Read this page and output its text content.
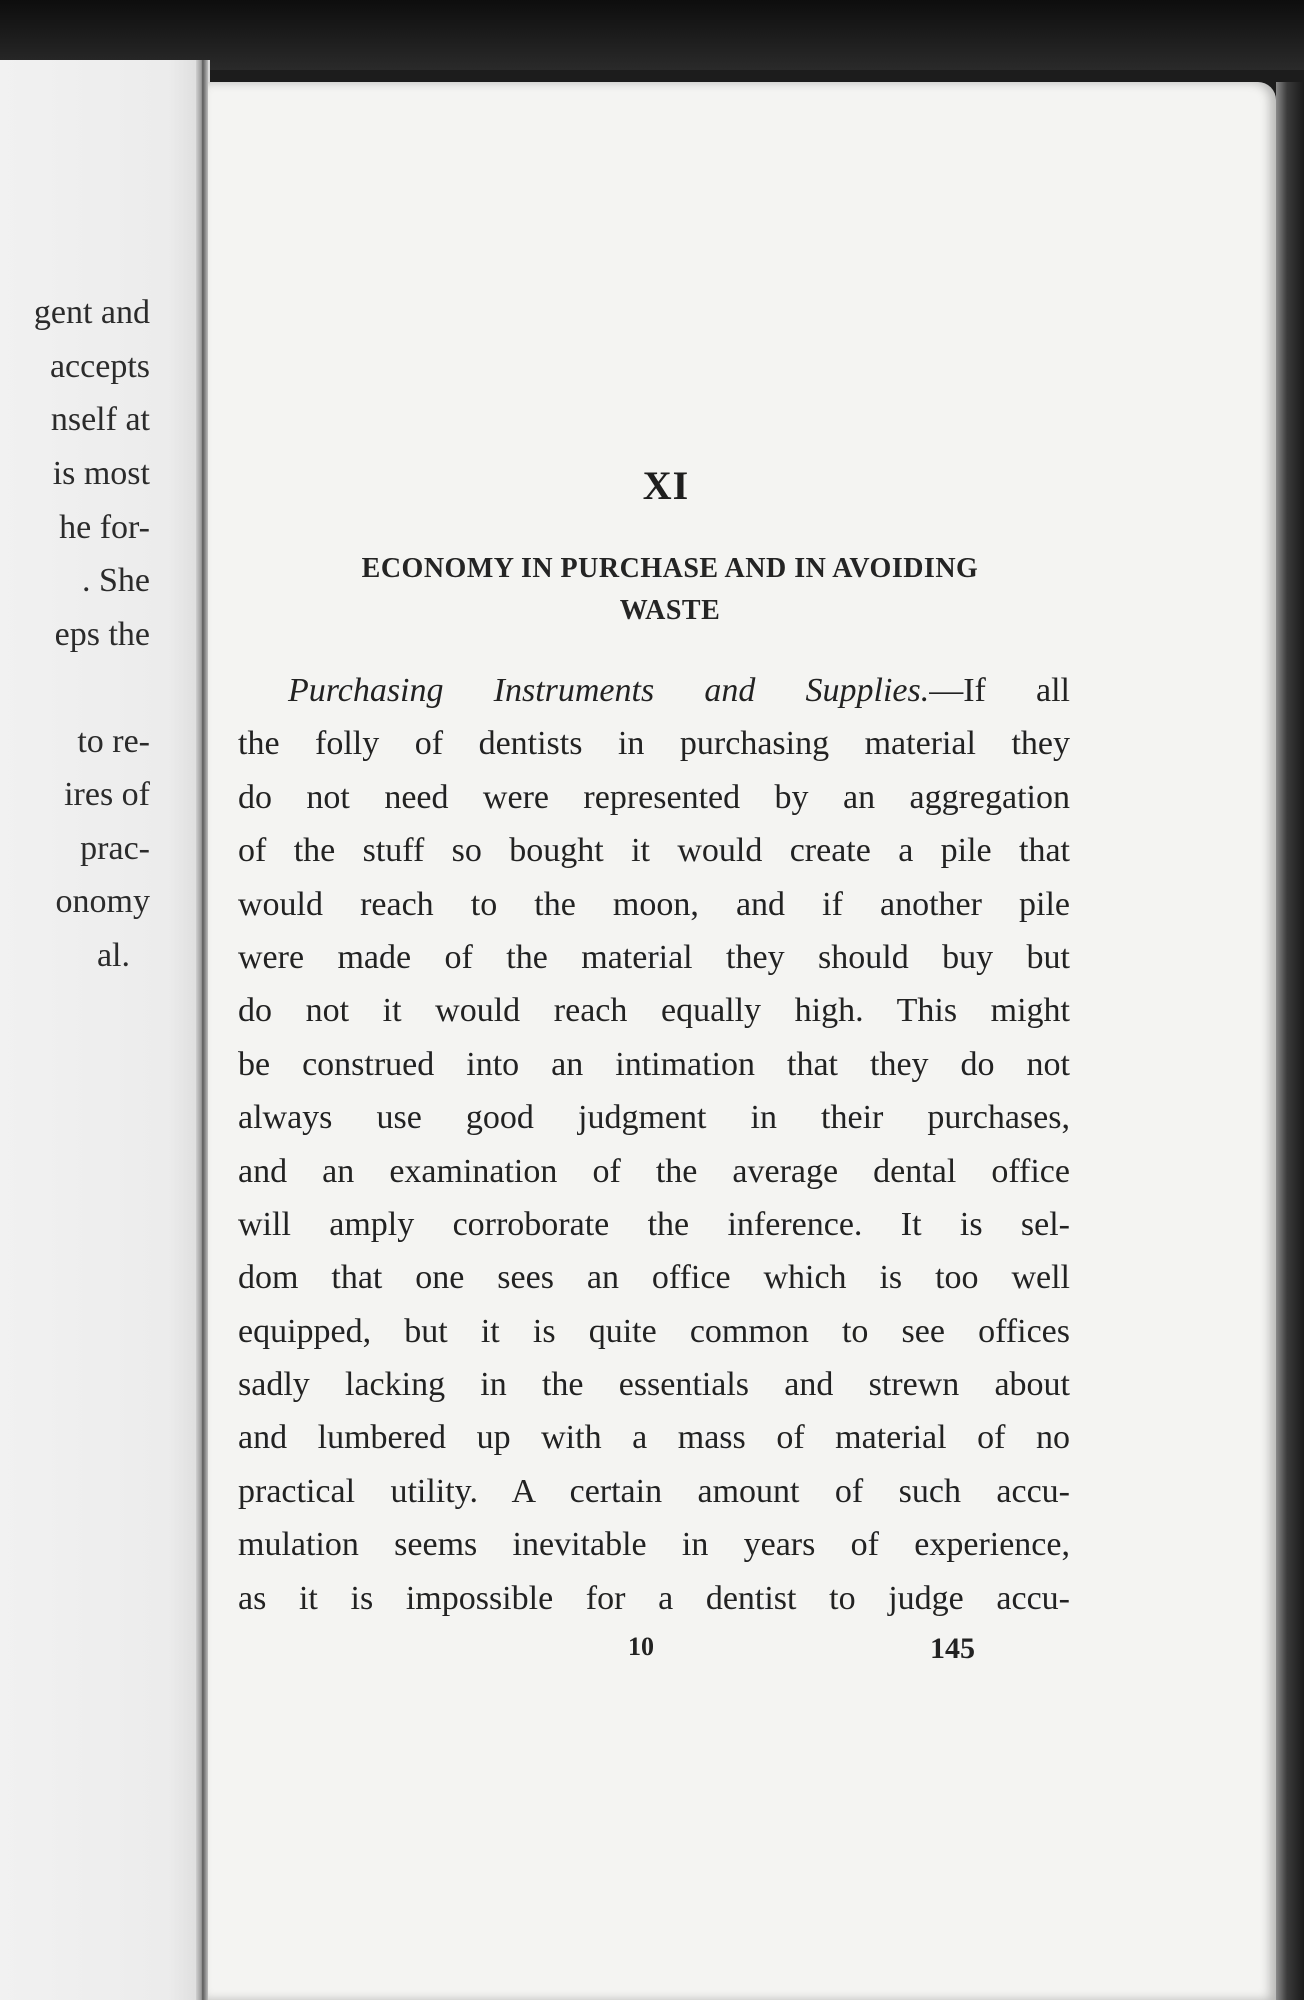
gent and
accepts
nself at
is most
he for-
. She
eps the
to re-
ires of
prac-
onomy
al.
XI
ECONOMY IN PURCHASE AND IN AVOIDING
WASTE
Purchasing Instruments and Supplies.—If all
the folly of dentists in purchasing material they
do not need were represented by an aggregation
of the stuff so bought it would create a pile that
would reach to the moon, and if another pile
were made of the material they should buy but
do not it would reach equally high. This might
be construed into an intimation that they do not
always use good judgment in their purchases,
and an examination of the average dental office
will amply corroborate the inference. It is sel-
dom that one sees an office which is too well
equipped, but it is quite common to see offices
sadly lacking in the essentials and strewn about
and lumbered up with a mass of material of no
practical utility. A certain amount of such accu-
mulation seems inevitable in years of experience,
as it is impossible for a dentist to judge accu-
10	145
